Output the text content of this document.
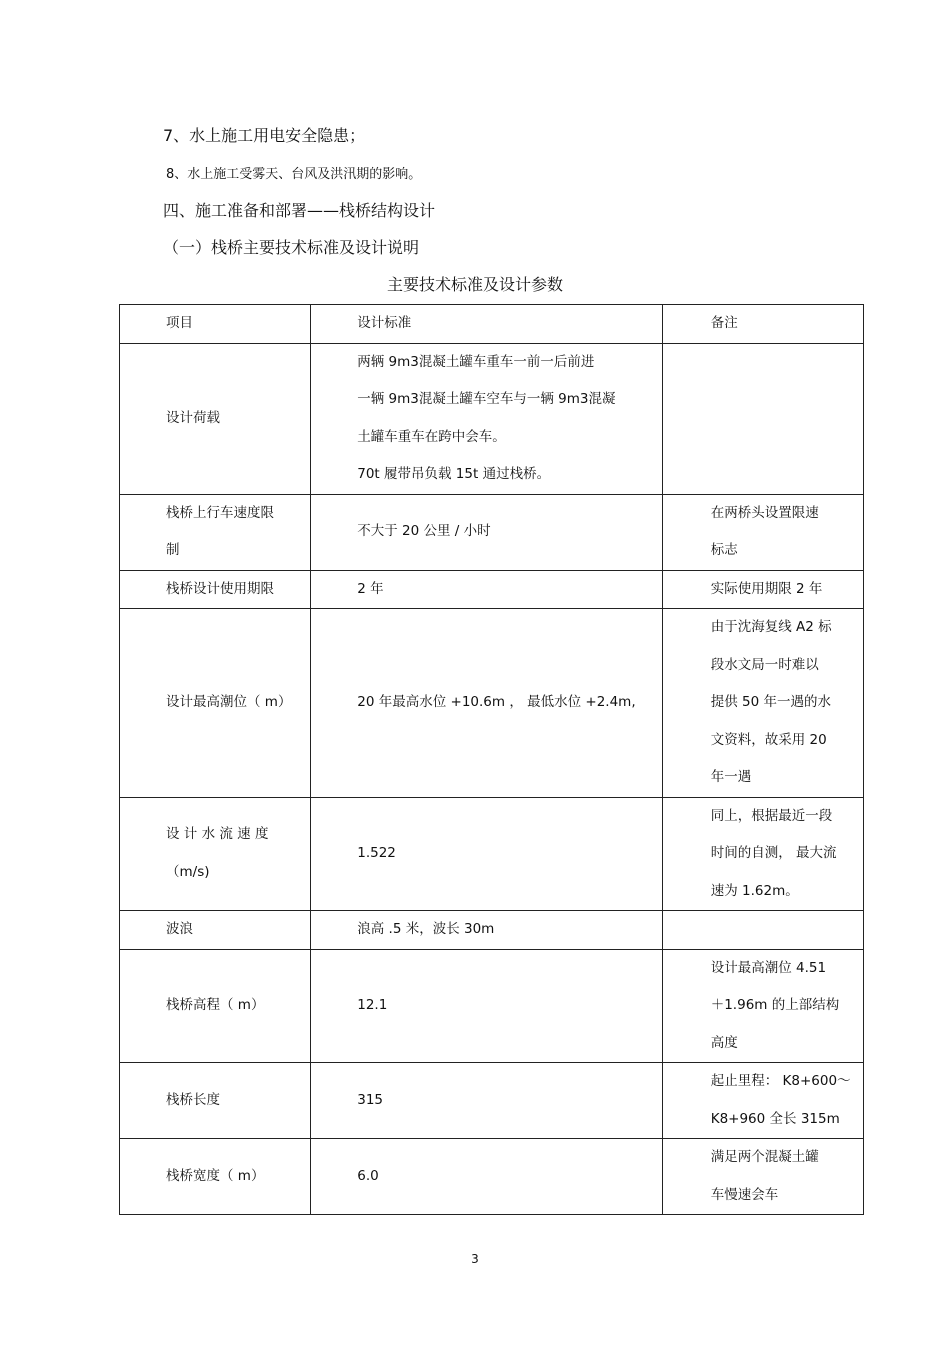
7、水上施工用电安全隐患；
8、水上施工受雾天、台风及洪汛期的影响。
四、施工准备和部署——栈桥结构设计
（一）栈桥主要技术标准及设计说明
主要技术标准及设计参数
项目	设计标准	备注

设计荷载	两辆 9m3混凝土罐车重车一前一后前进
一辆 9m3混凝土罐车空车与一辆 9m3混凝
土罐车重车在跨中会车。
70t 履带吊负载 15t 通过栈桥。	

栈桥上行车速度限
制	不大于 20 公里 / 小时	在两桥头设置限速
标志

栈桥设计使用期限	2 年	实际使用期限 2 年

设计最高潮位（ m）	20 年最高水位 +10.6m ， 最低水位 +2.4m,	由于沈海复线 A2 标
段水文局一时难以
提供 50 年一遇的水
文资料，故采用 20
年一遇

设 计 水 流 速 度
（m/s)	1.522	同上，根据最近一段
时间的自测， 最大流
速为 1.62m。

波浪	浪高 .5 米，波长 30m	

栈桥高程（ m）	12.1	设计最高潮位 4.51
＋1.96m 的上部结构
高度

栈桥长度	315	起止里程： K8+600～
K8+960 全长 315m

栈桥宽度（ m）	6.0	满足两个混凝土罐
车慢速会车
3
